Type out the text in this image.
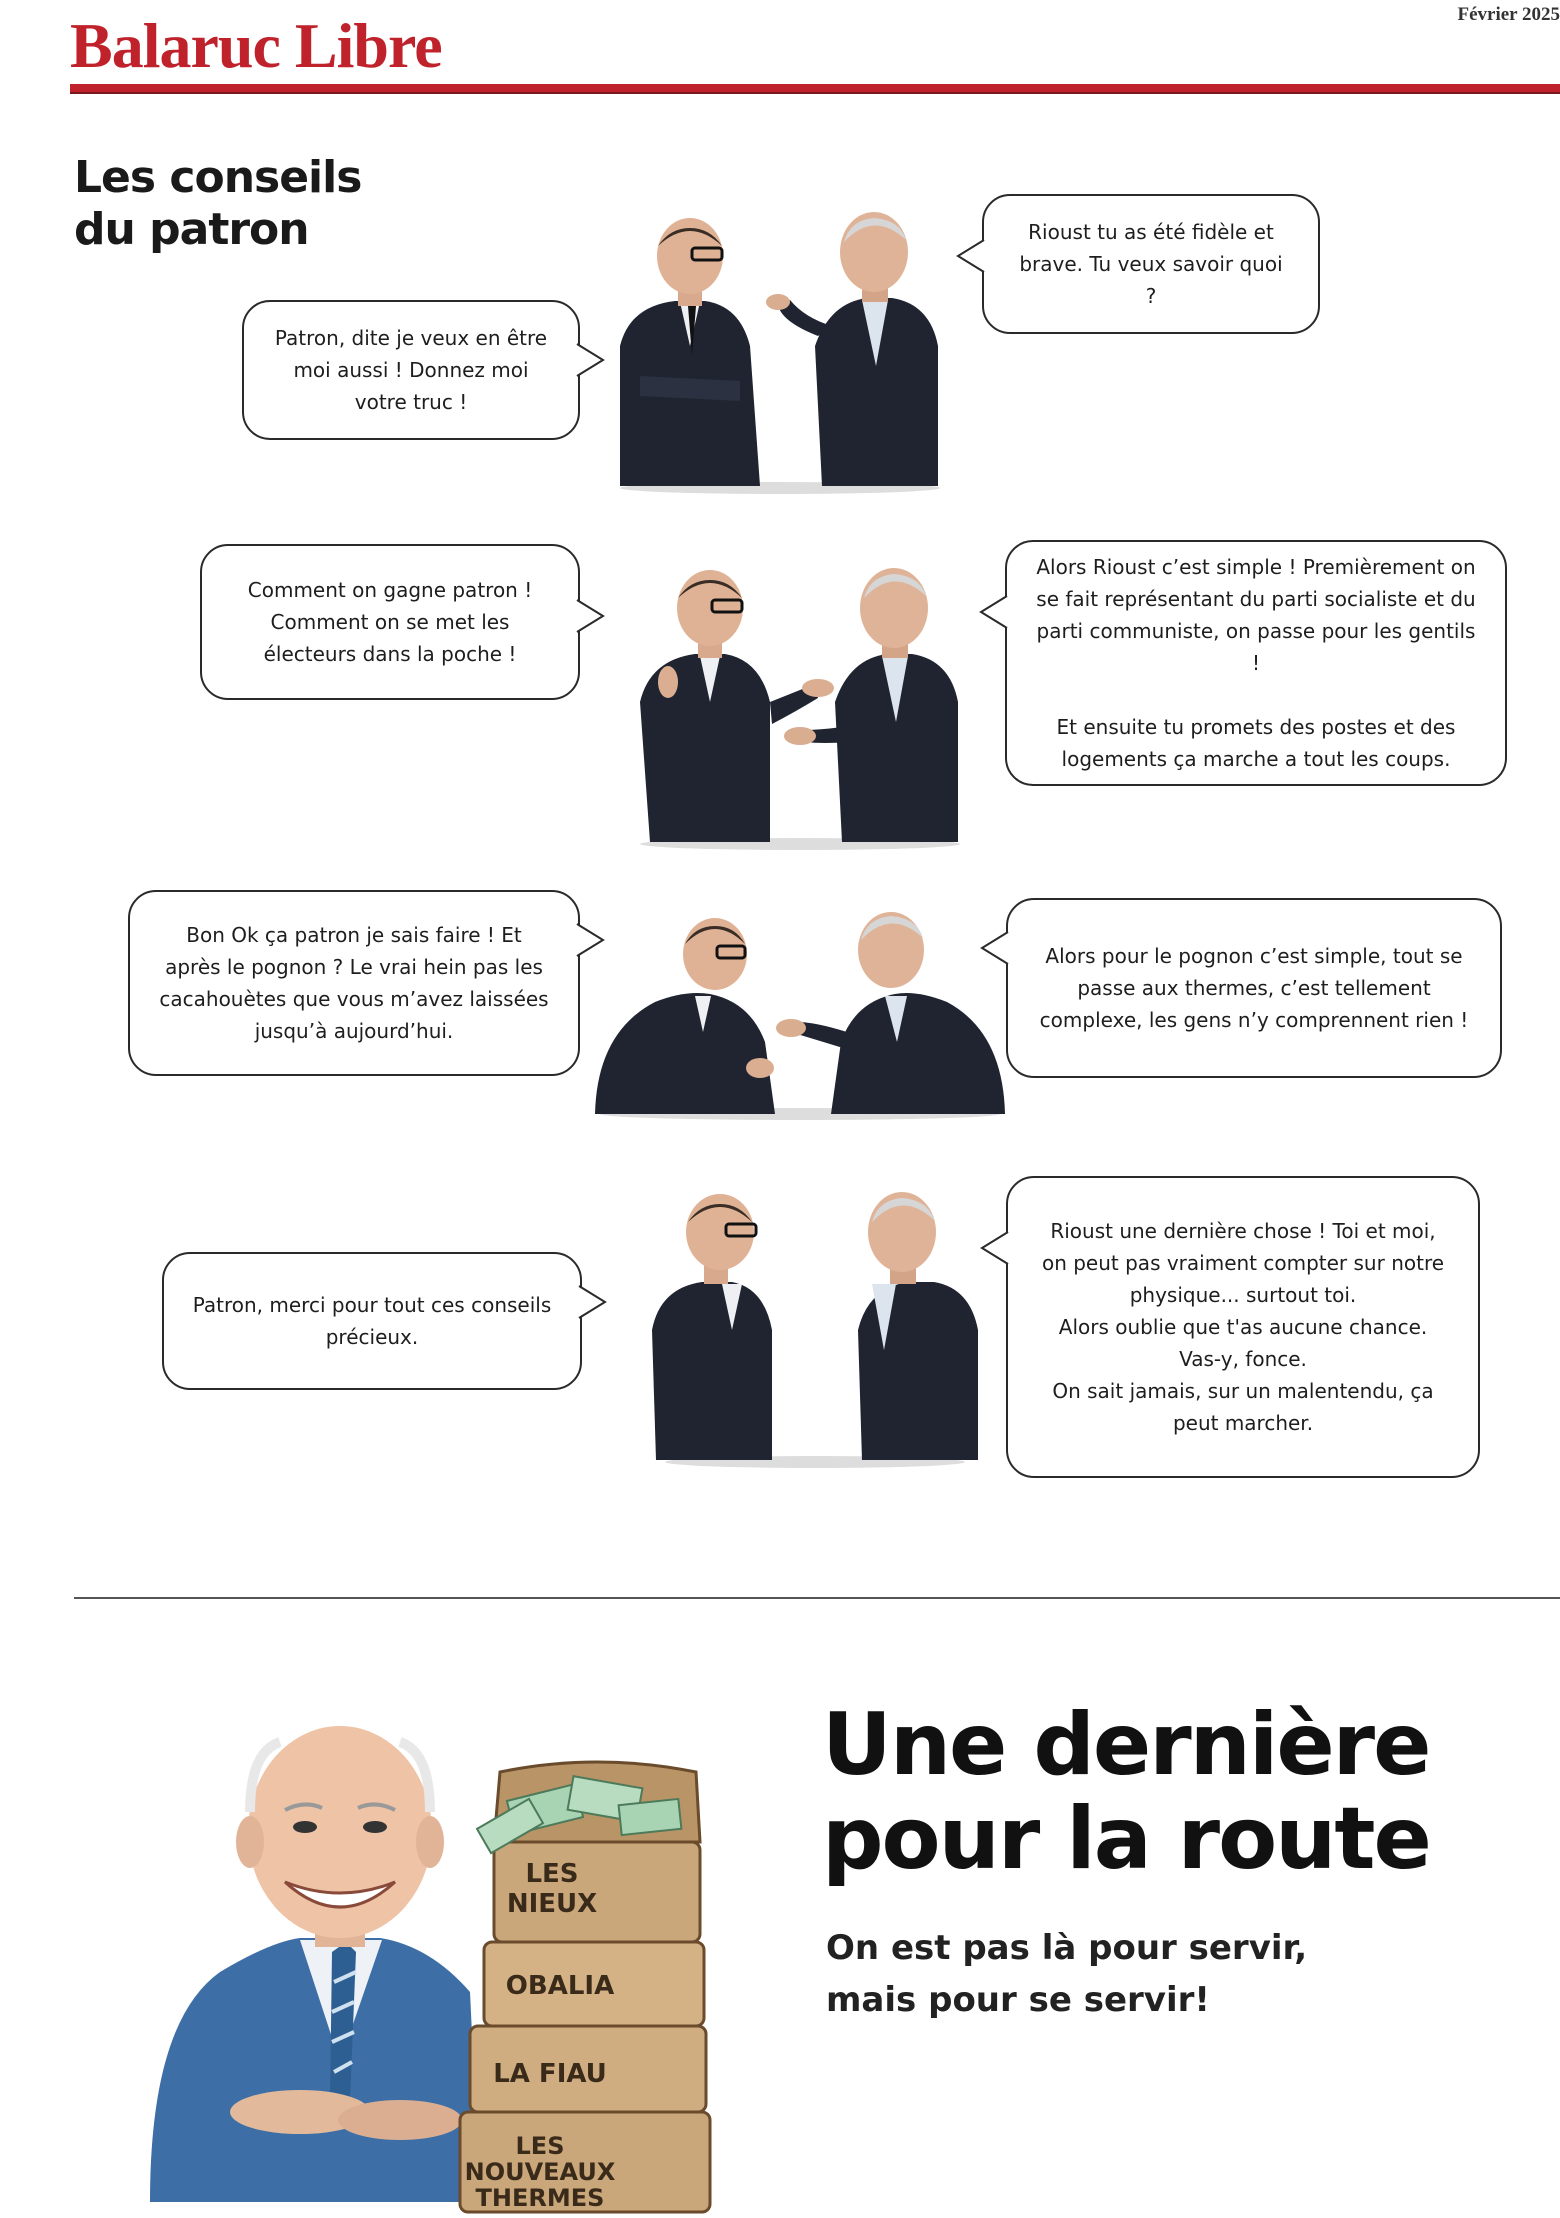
Balaruc Libre	Février 2025
Les conseils
du patron
Patron, dite je veux en être moi aussi ! Donnez moi votre truc !
Rioust tu as été fidèle et brave. Tu veux savoir quoi ?
Comment on gagne patron ! Comment on se met les électeurs dans la poche !
Alors Rioust c’est simple ! Premièrement on se fait représentant du parti socialiste et du parti communiste, on passe pour les gentils !

Et ensuite tu promets des postes et des logements ça marche a tout les coups.
Bon Ok ça patron je sais faire ! Et après le pognon ? Le vrai hein pas les cacahouètes que vous m’avez laissées jusqu’à aujourd’hui.
Alors pour le pognon c’est simple, tout se passe aux thermes, c’est tellement complexe, les gens n’y comprennent rien !
Patron, merci pour tout ces conseils précieux.
Rioust une dernière chose ! Toi et moi, on peut pas vraiment compter sur notre physique... surtout toi.
Alors oublie que t'as aucune chance.
Vas-y, fonce.
On sait jamais, sur un malentendu, ça peut marcher.
LES
NIEUX
OBALIA
LA FIAU
LES
NOUVEAUX
THERMES
Une dernière pour la route
On est pas là pour servir,
mais pour se servir!
